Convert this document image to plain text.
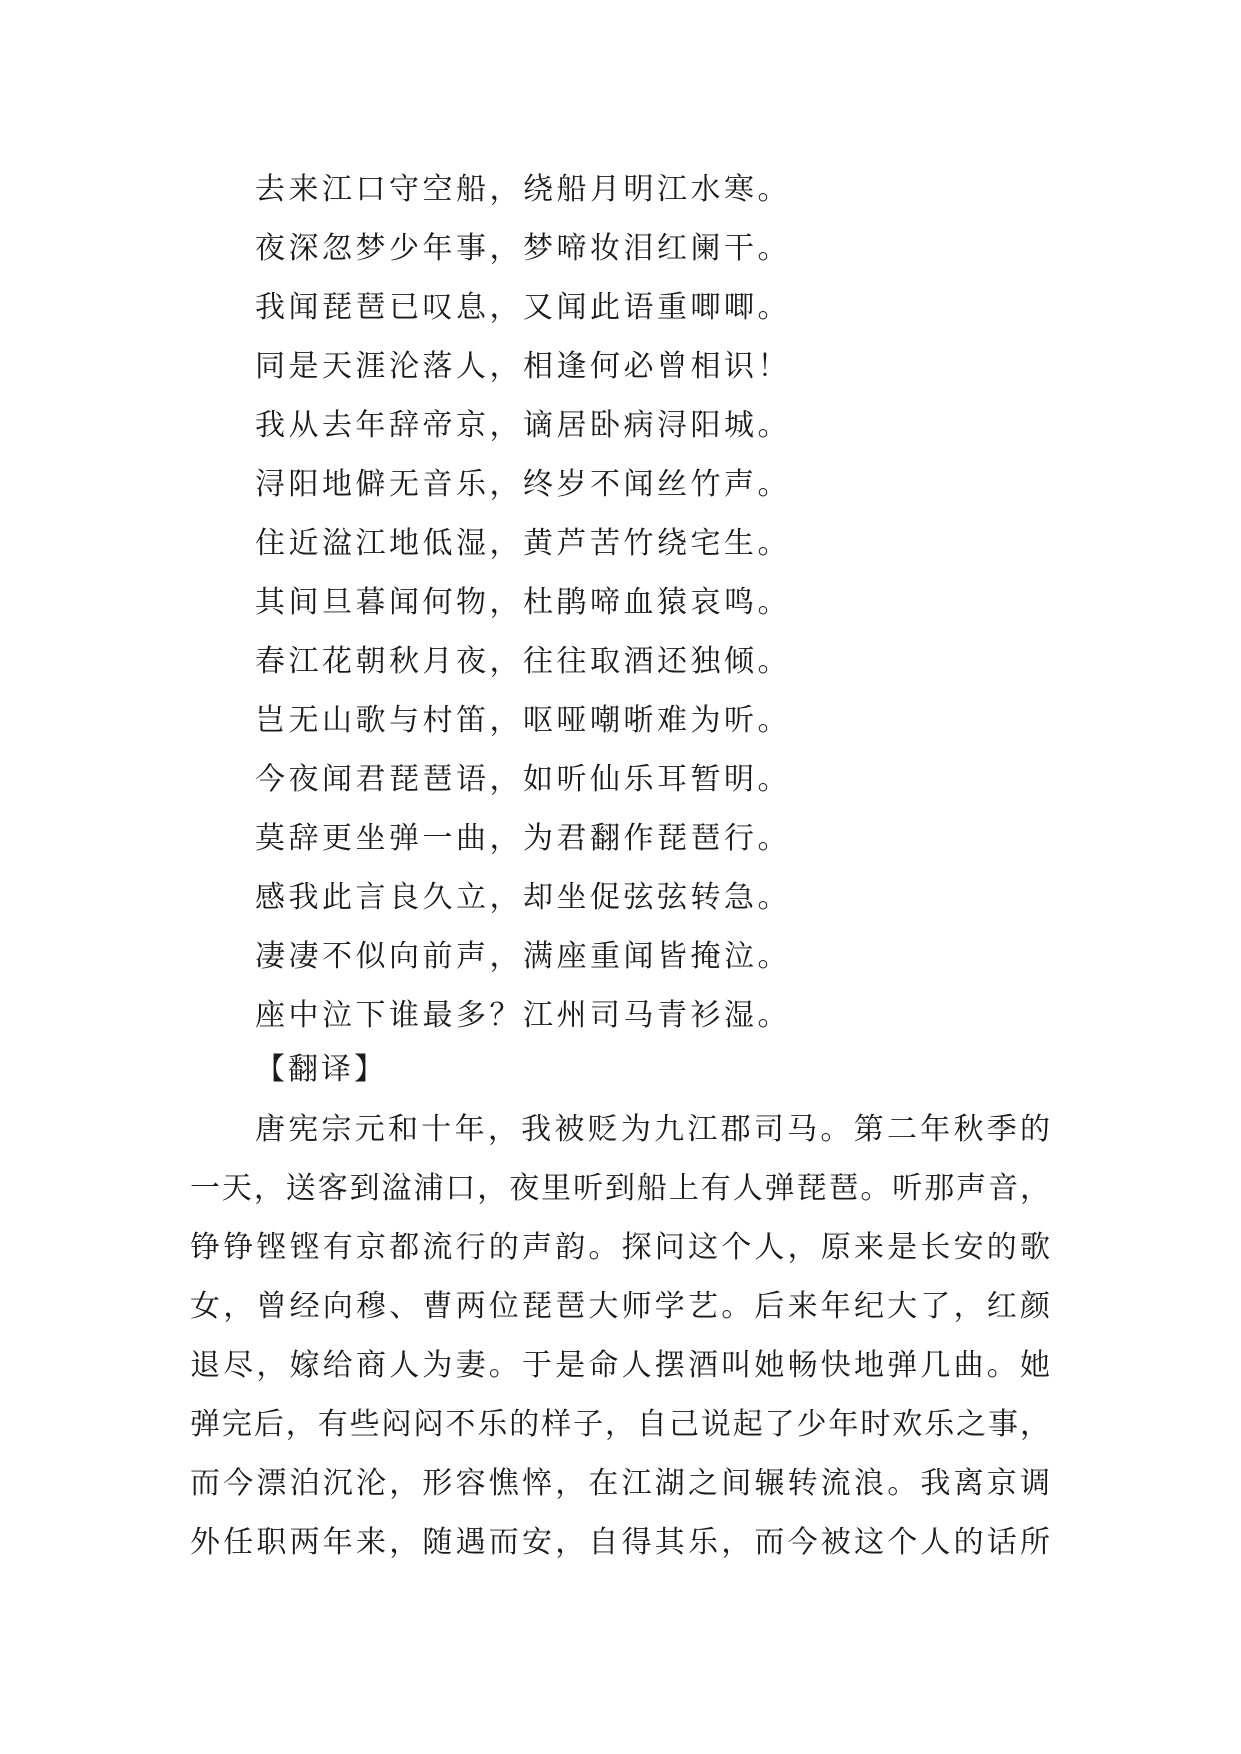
去来江口守空船，绕船月明江水寒。
夜深忽梦少年事，梦啼妆泪红阑干。
我闻琵琶已叹息，又闻此语重唧唧。
同是天涯沦落人，相逢何必曾相识！
我从去年辞帝京，谪居卧病浔阳城。
浔阳地僻无音乐，终岁不闻丝竹声。
住近湓江地低湿，黄芦苦竹绕宅生。
其间旦暮闻何物，杜鹃啼血猿哀鸣。
春江花朝秋月夜，往往取酒还独倾。
岂无山歌与村笛，呕哑嘲哳难为听。
今夜闻君琵琶语，如听仙乐耳暂明。
莫辞更坐弹一曲，为君翻作琵琶行。
感我此言良久立，却坐促弦弦转急。
凄凄不似向前声，满座重闻皆掩泣。
座中泣下谁最多？江州司马青衫湿。
【翻译】
唐宪宗元和十年，我被贬为九江郡司马。第二年秋季的
一天，送客到湓浦口，夜里听到船上有人弹琵琶。听那声音，
铮铮铿铿有京都流行的声韵。探问这个人，原来是长安的歌
女，曾经向穆、曹两位琵琶大师学艺。后来年纪大了，红颜
退尽，嫁给商人为妻。于是命人摆酒叫她畅快地弹几曲。她
弹完后，有些闷闷不乐的样子，自己说起了少年时欢乐之事，
而今漂泊沉沦，形容憔悴，在江湖之间辗转流浪。我离京调
外任职两年来，随遇而安，自得其乐，而今被这个人的话所
